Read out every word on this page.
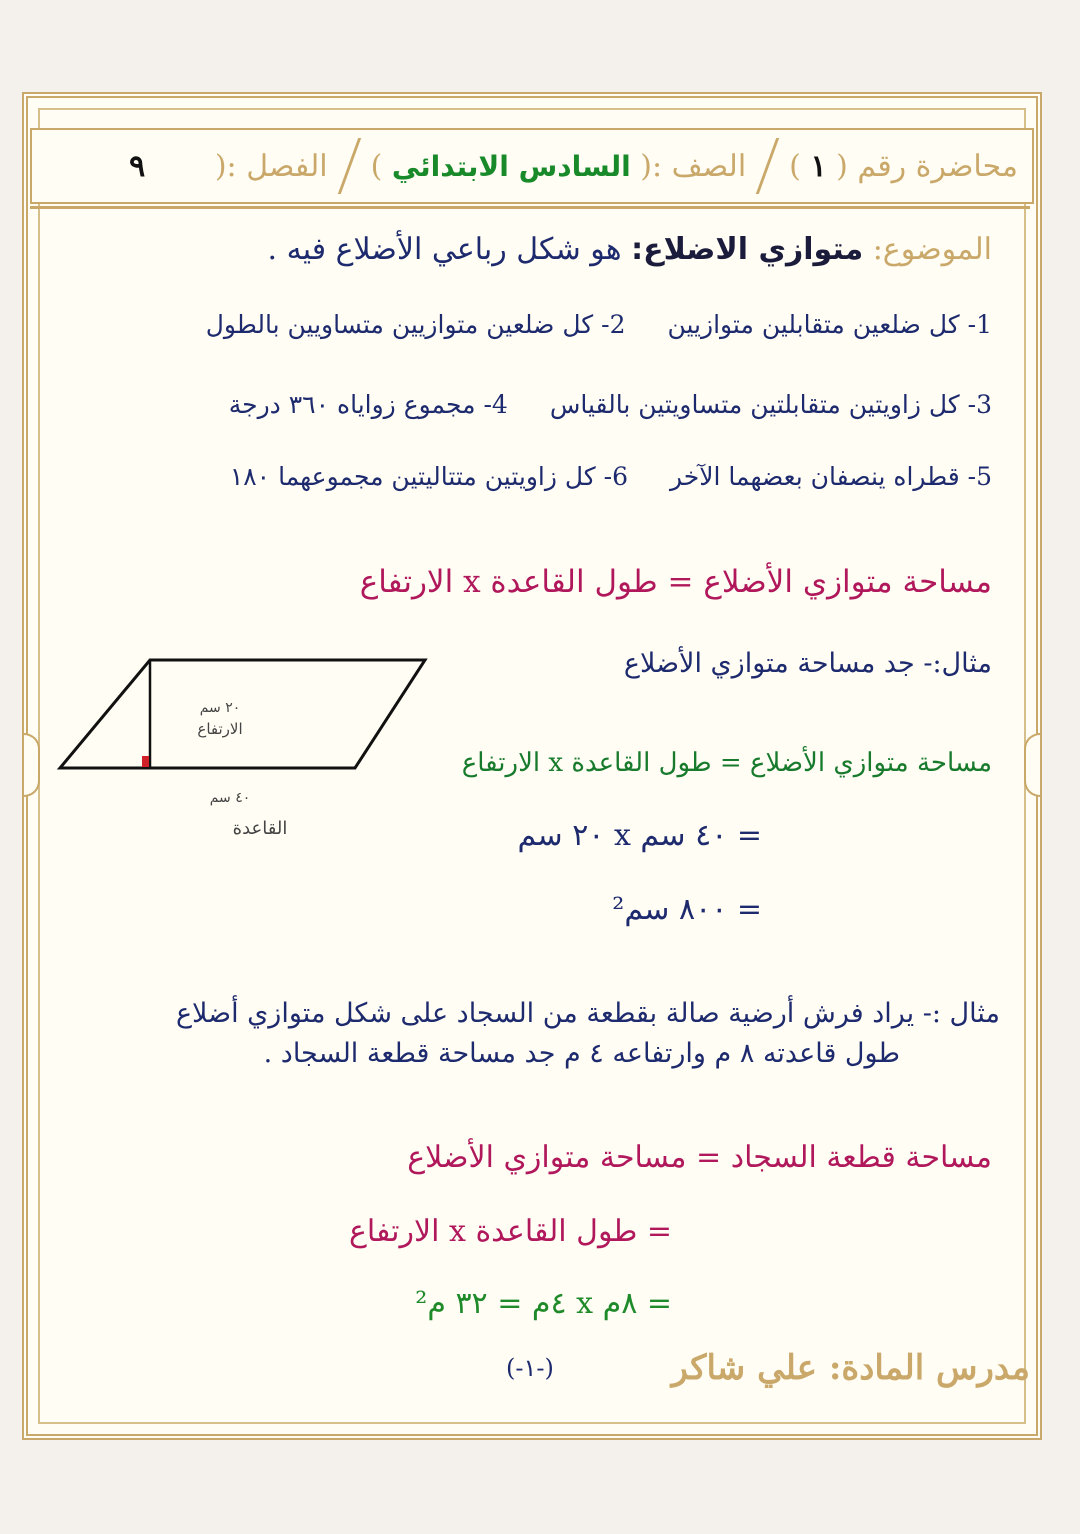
محاضرة رقم ( ١ )
الصف :( السادس الابتدائي )
الفصل :( ٩
الموضوع: متوازي الاضلاع: هو شكل رباعي الأضلاع فيه .
1- كل ضلعين متقابلين متوازيين2- كل ضلعين متوازيين متساويين بالطول
3- كل زاويتين متقابلتين متساويتين بالقياس4- مجموع زواياه ٣٦٠ درجة
5- قطراه ينصفان بعضهما الآخر6- كل زاويتين متتاليتين مجموعهما ١٨٠
مساحة متوازي الأضلاع = طول القاعدة x الارتفاع
مثال:- جد مساحة متوازي الأضلاع
٢٠ سم
الارتفاع
٤٠ سم
القاعدة
مساحة متوازي الأضلاع = طول القاعدة x الارتفاع
= ٤٠ سم x ٢٠ سم
= ٨٠٠ سم²
مثال :- يراد فرش أرضية صالة بقطعة من السجاد على شكل متوازي أضلاع
طول قاعدته ٨ م وارتفاعه ٤ م جد مساحة قطعة السجاد .
مساحة قطعة السجاد = مساحة متوازي الأضلاع
= طول القاعدة x الارتفاع
= ٨م x ٤م = ٣٢ م²
(-١-)	مدرس المادة: علي شاكر
